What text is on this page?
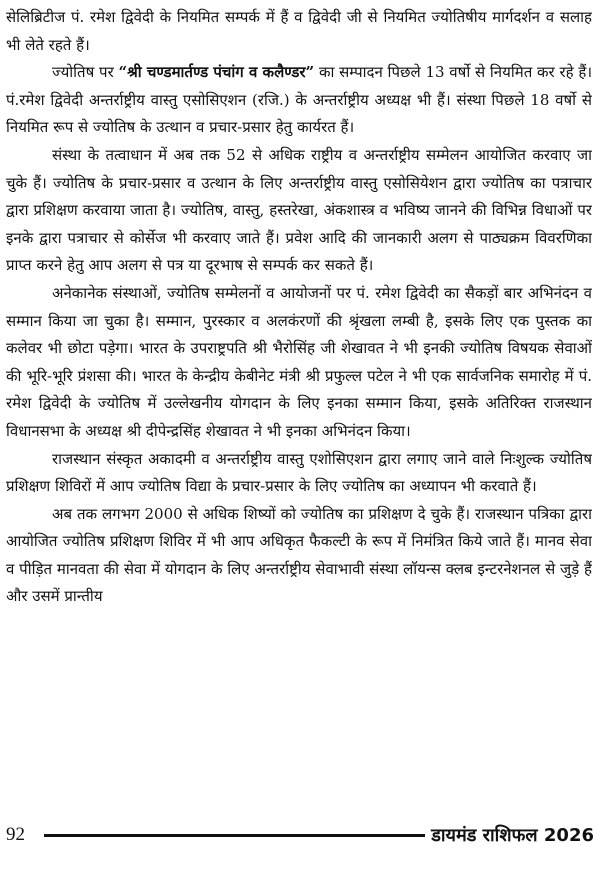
सेलिब्रिटीज पं. रमेश द्विवेदी के नियमित सम्पर्क में हैं व द्विवेदी जी से नियमित ज्योतिषीय मार्गदर्शन व सलाह भी लेते रहते हैं।

ज्योतिष पर “श्री चण्डमार्तण्ड पंचांग व कलैण्डर” का सम्पादन पिछले 13 वर्षो से नियमित कर रहे हैं। पं.रमेश द्विवेदी अन्तर्राष्ट्रीय वास्तु एसोसिएशन (रजि.) के अन्तर्राष्ट्रीय अध्यक्ष भी हैं। संस्था पिछले 18 वर्षो से नियमित रूप से ज्योतिष के उत्थान व प्रचार-प्रसार हेतु कार्यरत हैं।

संस्था के तत्वाधान में अब तक 52 से अधिक राष्ट्रीय व अन्तर्राष्ट्रीय सम्मेलन आयोजित करवाए जा चुके हैं। ज्योतिष के प्रचार-प्रसार व उत्थान के लिए अन्तर्राष्ट्रीय वास्तु एसोसियेशन द्वारा ज्योतिष का पत्राचार द्वारा प्रशिक्षण करवाया जाता है। ज्योतिष, वास्तु, हस्तरेखा, अंकशास्त्र व भविष्य जानने की विभिन्न विधाओं पर इनके द्वारा पत्राचार से कोर्सेज भी करवाए जाते हैं। प्रवेश आदि की जानकारी अलग से पाठ्यक्रम विवरणिका प्राप्त करने हेतु आप अलग से पत्र या दूरभाष से सम्पर्क कर सकते हैं।

अनेकानेक संस्थाओं, ज्योतिष सम्मेलनों व आयोजनों पर पं. रमेश द्विवेदी का सैकड़ों बार अभिनंदन व सम्मान किया जा चुका है। सम्मान, पुरस्कार व अलकंरणों की श्रृंखला लम्बी है, इसके लिए एक पुस्तक का कलेवर भी छोटा पड़ेगा। भारत के उपराष्ट्रपति श्री भैरोसिंह जी शेखावत ने भी इनकी ज्योतिष विषयक सेवाओं की भूरि-भूरि प्रंशसा की। भारत के केन्द्रीय केबीनेट मंत्री श्री प्रफुल्ल पटेल ने भी एक सार्वजनिक समारोह में पं. रमेश द्विवेदी के ज्योतिष में उल्लेखनीय योगदान के लिए इनका सम्मान किया, इसके अतिरिक्त राजस्थान विधानसभा के अध्यक्ष श्री दीपेन्द्रसिंह शेखावत ने भी इनका अभिनंदन किया।

राजस्थान संस्कृत अकादमी व अन्तर्राष्ट्रीय वास्तु एशोसिएशन द्वारा लगाए जाने वाले निःशुल्क ज्योतिष प्रशिक्षण शिविरों में आप ज्योतिष विद्या के प्रचार-प्रसार के लिए ज्योतिष का अध्यापन भी करवाते हैं।

अब तक लगभग 2000 से अधिक शिष्यों को ज्योतिष का प्रशिक्षण दे चुके हैं। राजस्थान पत्रिका द्वारा आयोजित ज्योतिष प्रशिक्षण शिविर में भी आप अधिकृत फैकल्टी के रूप में निमंत्रित किये जाते हैं। मानव सेवा व पीड़ित मानवता की सेवा में योगदान के लिए अन्तर्राष्ट्रीय सेवाभावी संस्था लॉयन्स क्लब इन्टरनेशनल से जुड़े हैं और उसमें प्रान्तीय

92	डायमंड राशिफल 2026
